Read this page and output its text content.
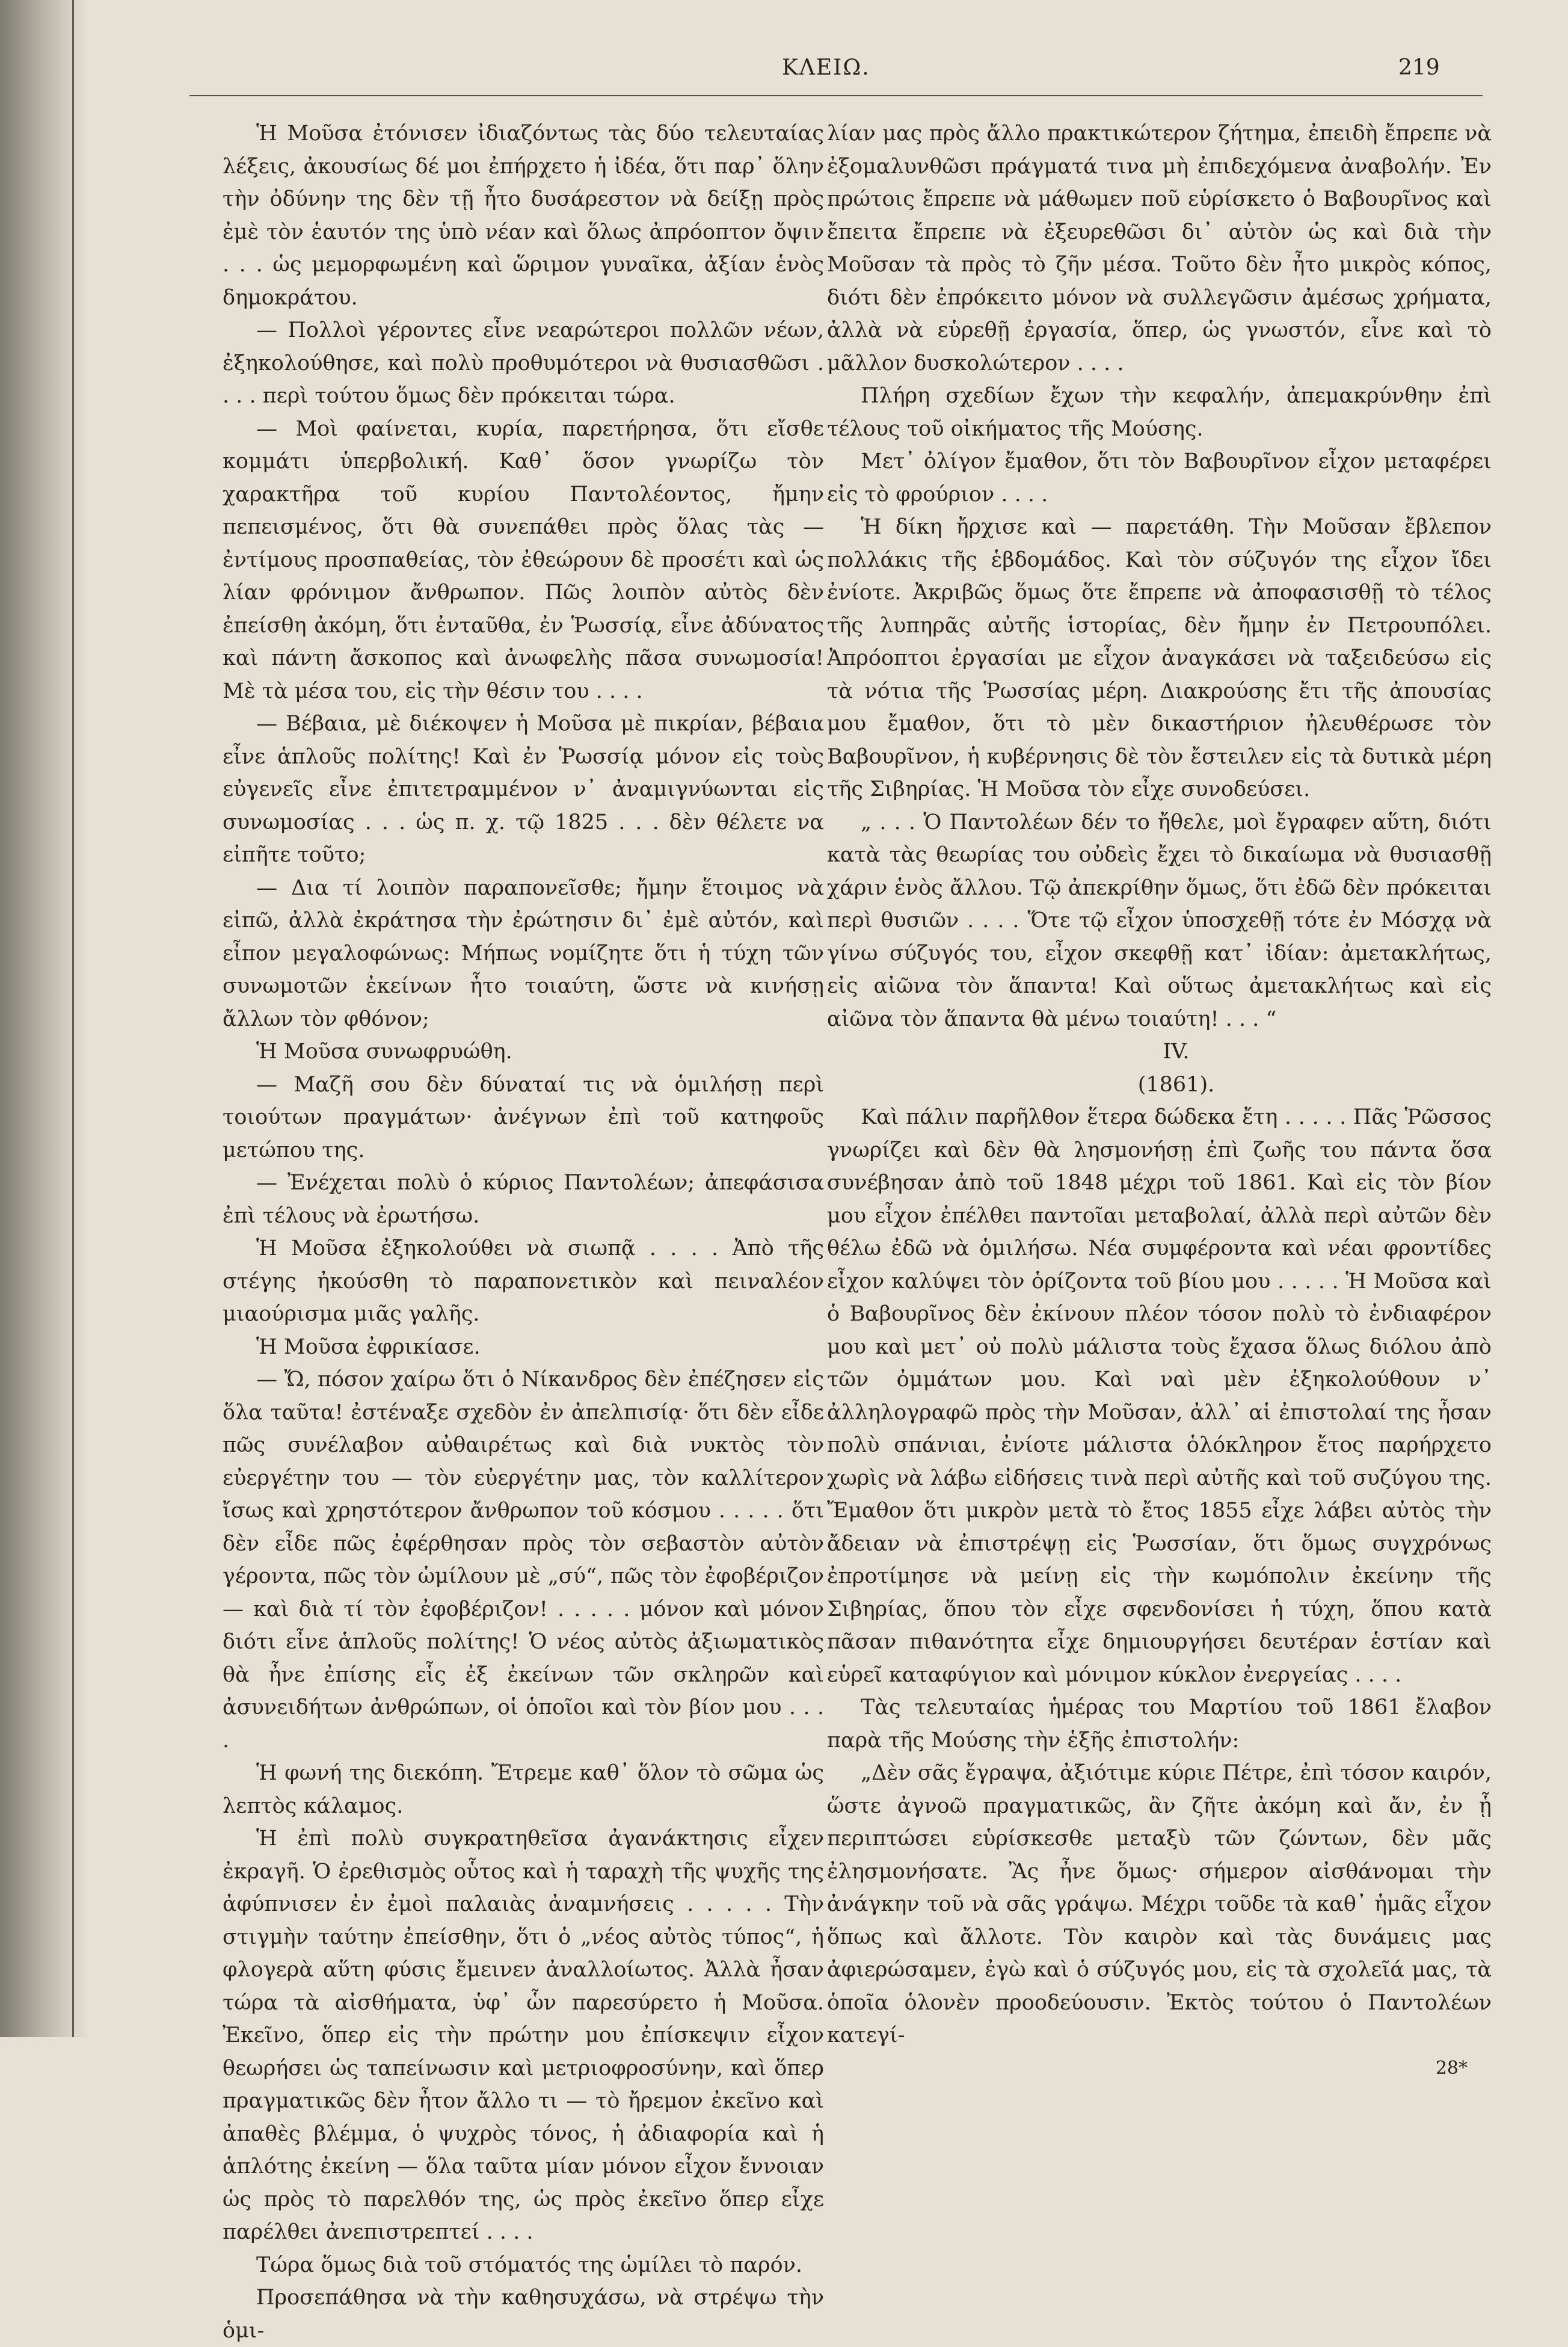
ΚΛΕΙΩ.	219

Ἡ Μοῦσα ἐτόνισεν ἰδιαζόντως τὰς δύο τελευταίας λέξεις, ἀκουσίως δέ μοι ἐπήρχετο ἡ ἰδέα, ὅτι παρ᾿ ὅλην τὴν ὀδύνην της δὲν τῇ ἦτο δυσάρεστον νὰ δείξῃ πρὸς ἐμὲ τὸν ἑαυτόν της ὑπὸ νέαν καὶ ὅλως ἀπρόοπτον ὄψιν . . . ὡς μεμορφωμένη καὶ ὥριμον γυναῖκα, ἀξίαν ἑνὸς δημοκράτου.

— Πολλοὶ γέροντες εἶνε νεαρώτεροι πολλῶν νέων, ἐξηκολούθησε, καὶ πολὺ προθυμότεροι νὰ θυσιασθῶσι . . . . περὶ τούτου ὅμως δὲν πρόκειται τώρα.

— Μοὶ φαίνεται, κυρία, παρετήρησα, ὅτι εἴσθε κομμάτι ὑπερβολική. Καθ᾿ ὅσον γνωρίζω τὸν χαρακτῆρα τοῦ κυρίου Παντολέοντος, ἤμην πεπεισμένος, ὅτι θὰ συνεπάθει πρὸς ὅλας τὰς — ἐντίμους προσπαθείας, τὸν ἐθεώρουν δὲ προσέτι καὶ ὡς λίαν φρόνιμον ἄνθρωπον. Πῶς λοιπὸν αὐτὸς δὲν ἐπείσθη ἀκόμη, ὅτι ἐνταῦθα, ἐν Ῥωσσίᾳ, εἶνε ἀδύνατος καὶ πάντη ἄσκοπος καὶ ἀνωφελὴς πᾶσα συνωμοσία! Μὲ τὰ μέσα του, εἰς τὴν θέσιν του . . . .

— Βέβαια, μὲ διέκοψεν ἡ Μοῦσα μὲ πικρίαν, βέβαια εἶνε ἁπλοῦς πολίτης! Καὶ ἐν Ῥωσσίᾳ μόνον εἰς τοὺς εὐγενεῖς εἶνε ἐπιτετραμμένον ν᾿ ἀναμιγνύωνται εἰς συνωμοσίας . . . ὡς π. χ. τῷ 1825 . . . δὲν θέλετε να εἰπῆτε τοῦτο;

— Δια τί λοιπὸν παραπονεῖσθε; ἤμην ἕτοιμος νὰ εἰπῶ, ἀλλὰ ἐκράτησα τὴν ἐρώτησιν δι᾿ ἐμὲ αὐτόν, καὶ εἶπον μεγαλοφώνως: Μήπως νομίζητε ὅτι ἡ τύχη τῶν συνωμοτῶν ἐκείνων ἦτο τοιαύτη, ὥστε νὰ κινήσῃ ἄλλων τὸν φθόνον;

Ἡ Μοῦσα συνωφρυώθη.

— Μαζῆ σου δὲν δύναταί τις νὰ ὁμιλήσῃ περὶ τοιούτων πραγμάτων· ἀνέγνων ἐπὶ τοῦ κατηφοῦς μετώπου της.

— Ἐνέχεται πολὺ ὁ κύριος Παντολέων; ἀπεφάσισα ἐπὶ τέλους νὰ ἐρωτήσω.

Ἡ Μοῦσα ἐξηκολούθει νὰ σιωπᾷ . . . . Ἀπὸ τῆς στέγης ἠκούσθη τὸ παραπονετικὸν καὶ πειναλέον μιαούρισμα μιᾶς γαλῆς.

Ἡ Μοῦσα ἐφρικίασε.

— Ὤ, πόσον χαίρω ὅτι ὁ Νίκανδρος δὲν ἐπέζησεν εἰς ὅλα ταῦτα! ἐστέναξε σχεδὸν ἐν ἀπελπισίᾳ· ὅτι δὲν εἶδε πῶς συνέλαβον αὐθαιρέτως καὶ διὰ νυκτὸς τὸν εὐεργέτην του — τὸν εὐεργέτην μας, τὸν καλλίτερον ἴσως καὶ χρηστότερον ἄνθρωπον τοῦ κόσμου . . . . . ὅτι δὲν εἶδε πῶς ἐφέρθησαν πρὸς τὸν σεβαστὸν αὐτὸν γέροντα, πῶς τὸν ὡμίλουν μὲ „σύ“, πῶς τὸν ἐφοβέριζον — καὶ διὰ τί τὸν ἐφοβέριζον! . . . . . μόνον καὶ μόνον διότι εἶνε ἁπλοῦς πολίτης! Ὁ νέος αὐτὸς ἀξιωματικὸς θὰ ἦνε ἐπίσης εἷς ἐξ ἐκείνων τῶν σκληρῶν καὶ ἀσυνειδήτων ἀνθρώπων, οἱ ὁποῖοι καὶ τὸν βίον μου . . . .

Ἡ φωνή της διεκόπη. Ἔτρεμε καθ᾿ ὅλον τὸ σῶμα ὡς λεπτὸς κάλαμος.

Ἡ ἐπὶ πολὺ συγκρατηθεῖσα ἀγανάκτησις εἶχεν ἐκραγῆ. Ὁ ἐρεθισμὸς οὗτος καὶ ἡ ταραχὴ τῆς ψυχῆς της ἀφύπνισεν ἐν ἐμοὶ παλαιὰς ἀναμνήσεις . . . . . Τὴν στιγμὴν ταύτην ἐπείσθην, ὅτι ὁ „νέος αὐτὸς τύπος“, ἡ φλογερὰ αὕτη φύσις ἔμεινεν ἀναλλοίωτος. Ἀλλὰ ἦσαν τώρα τὰ αἰσθήματα, ὑφ᾿ ὧν παρεσύρετο ἡ Μοῦσα. Ἐκεῖνο, ὅπερ εἰς τὴν πρώτην μου ἐπίσκεψιν εἶχον θεωρήσει ὡς ταπείνωσιν καὶ μετριοφροσύνην, καὶ ὅπερ πραγματικῶς δὲν ἦτον ἄλλο τι — τὸ ἤρεμον ἐκεῖνο καὶ ἀπαθὲς βλέμμα, ὁ ψυχρὸς τόνος, ἡ ἀδιαφορία καὶ ἡ ἁπλότης ἐκείνη — ὅλα ταῦτα μίαν μόνον εἶχον ἔννοιαν ὡς πρὸς τὸ παρελθόν της, ὡς πρὸς ἐκεῖνο ὅπερ εἶχε παρέλθει ἀνεπιστρεπτεί . . . .

Τώρα ὅμως διὰ τοῦ στόματός της ὡμίλει τὸ παρόν.

Προσεπάθησα νὰ τὴν καθησυχάσω, νὰ στρέψω τὴν ὁμι-

λίαν μας πρὸς ἄλλο πρακτικώτερον ζήτημα, ἐπειδὴ ἔπρεπε νὰ ἐξομαλυνθῶσι πράγματά τινα μὴ ἐπιδεχόμενα ἀναβολήν. Ἐν πρώτοις ἔπρεπε νὰ μάθωμεν ποῦ εὑρίσκετο ὁ Βαβουρῖνος καὶ ἔπειτα ἔπρεπε νὰ ἐξευρεθῶσι δι᾿ αὐτὸν ὡς καὶ διὰ τὴν Μοῦσαν τὰ πρὸς τὸ ζῆν μέσα. Τοῦτο δὲν ἦτο μικρὸς κόπος, διότι δὲν ἐπρόκειτο μόνον νὰ συλλεγῶσιν ἀμέσως χρήματα, ἀλλὰ νὰ εὑρεθῇ ἐργασία, ὅπερ, ὡς γνωστόν, εἶνε καὶ τὸ μᾶλλον δυσκολώτερον . . . .

Πλήρη σχεδίων ἔχων τὴν κεφαλήν, ἀπεμακρύνθην ἐπὶ τέλους τοῦ οἰκήματος τῆς Μούσης.

Μετ᾿ ὀλίγον ἔμαθον, ὅτι τὸν Βαβουρῖνον εἶχον μεταφέρει εἰς τὸ φρούριον . . . .

Ἡ δίκη ἤρχισε καὶ — παρετάθη. Τὴν Μοῦσαν ἔβλεπον πολλάκις τῆς ἑβδομάδος. Καὶ τὸν σύζυγόν της εἶχον ἴδει ἐνίοτε. Ἀκριβῶς ὅμως ὅτε ἔπρεπε νὰ ἀποφασισθῇ τὸ τέλος τῆς λυπηρᾶς αὐτῆς ἱστορίας, δὲν ἤμην ἐν Πετρουπόλει. Ἀπρόοπτοι ἐργασίαι με εἶχον ἀναγκάσει νὰ ταξειδεύσω εἰς τὰ νότια τῆς Ῥωσσίας μέρη. Διακρούσης ἔτι τῆς ἀπουσίας μου ἔμαθον, ὅτι τὸ μὲν δικαστήριον ἠλευθέρωσε τὸν Βαβουρῖνον, ἡ κυβέρνησις δὲ τὸν ἔστειλεν εἰς τὰ δυτικὰ μέρη τῆς Σιβηρίας. Ἡ Μοῦσα τὸν εἶχε συνοδεύσει.

„ . . . Ὁ Παντολέων δέν το ἤθελε, μοὶ ἔγραφεν αὕτη, διότι κατὰ τὰς θεωρίας του οὐδεὶς ἔχει τὸ δικαίωμα νὰ θυσιασθῇ χάριν ἑνὸς ἄλλου. Τῷ ἀπεκρίθην ὅμως, ὅτι ἐδῶ δὲν πρόκειται περὶ θυσιῶν . . . . Ὅτε τῷ εἶχον ὑποσχεθῇ τότε ἐν Μόσχᾳ νὰ γίνω σύζυγός του, εἶχον σκεφθῇ κατ᾿ ἰδίαν: ἀμετακλήτως, εἰς αἰῶνα τὸν ἅπαντα! Καὶ οὕτως ἀμετακλήτως καὶ εἰς αἰῶνα τὸν ἅπαντα θὰ μένω τοιαύτη! . . . “

IV.

(1861).

Καὶ πάλιν παρῆλθον ἕτερα δώδεκα ἔτη . . . . . Πᾶς Ῥῶσσος γνωρίζει καὶ δὲν θὰ λησμονήσῃ ἐπὶ ζωῆς του πάντα ὅσα συνέβησαν ἀπὸ τοῦ 1848 μέχρι τοῦ 1861. Καὶ εἰς τὸν βίον μου εἶχον ἐπέλθει παντοῖαι μεταβολαί, ἀλλὰ περὶ αὐτῶν δὲν θέλω ἐδῶ νὰ ὁμιλήσω. Νέα συμφέροντα καὶ νέαι φροντίδες εἶχον καλύψει τὸν ὁρίζοντα τοῦ βίου μου . . . . . Ἡ Μοῦσα καὶ ὁ Βαβουρῖνος δὲν ἐκίνουν πλέον τόσον πολὺ τὸ ἐνδιαφέρον μου καὶ μετ᾿ οὐ πολὺ μάλιστα τοὺς ἔχασα ὅλως διόλου ἀπὸ τῶν ὀμμάτων μου. Καὶ ναὶ μὲν ἐξηκολούθουν ν᾿ ἀλληλογραφῶ πρὸς τὴν Μοῦσαν, ἀλλ᾿ αἱ ἐπιστολαί της ἦσαν πολὺ σπάνιαι, ἐνίοτε μάλιστα ὁλόκληρον ἔτος παρήρχετο χωρὶς νὰ λάβω εἰδήσεις τινὰ περὶ αὐτῆς καὶ τοῦ συζύγου της. Ἔμαθον ὅτι μικρὸν μετὰ τὸ ἔτος 1855 εἶχε λάβει αὐτὸς τὴν ἄδειαν νὰ ἐπιστρέψῃ εἰς Ῥωσσίαν, ὅτι ὅμως συγχρόνως ἐπροτίμησε νὰ μείνῃ εἰς τὴν κωμόπολιν ἐκείνην τῆς Σιβηρίας, ὅπου τὸν εἶχε σφενδονίσει ἡ τύχη, ὅπου κατὰ πᾶσαν πιθανότητα εἶχε δημιουργήσει δευτέραν ἑστίαν καὶ εὑρεῖ καταφύγιον καὶ μόνιμον κύκλον ἐνεργείας . . . .

Τὰς τελευταίας ἡμέρας του Μαρτίου τοῦ 1861 ἔλαβον παρὰ τῆς Μούσης τὴν ἑξῆς ἐπιστολήν:

„Δὲν σᾶς ἔγραψα, ἀξιότιμε κύριε Πέτρε, ἐπὶ τόσον καιρόν, ὥστε ἀγνοῶ πραγματικῶς, ἂν ζῆτε ἀκόμη καὶ ἄν, ἐν ᾗ περιπτώσει εὑρίσκεσθε μεταξὺ τῶν ζώντων, δὲν μᾶς ἐλησμονήσατε. Ἂς ἦνε ὅμως· σήμερον αἰσθάνομαι τὴν ἀνάγκην τοῦ νὰ σᾶς γράψω. Μέχρι τοῦδε τὰ καθ᾿ ἡμᾶς εἶχον ὅπως καὶ ἄλλοτε. Τὸν καιρὸν καὶ τὰς δυνάμεις μας ἀφιερώσαμεν, ἐγὼ καὶ ὁ σύζυγός μου, εἰς τὰ σχολεῖά μας, τὰ ὁποῖα ὁλονὲν προοδεύουσιν. Ἐκτὸς τούτου ὁ Παντολέων κατεγί-

28*
